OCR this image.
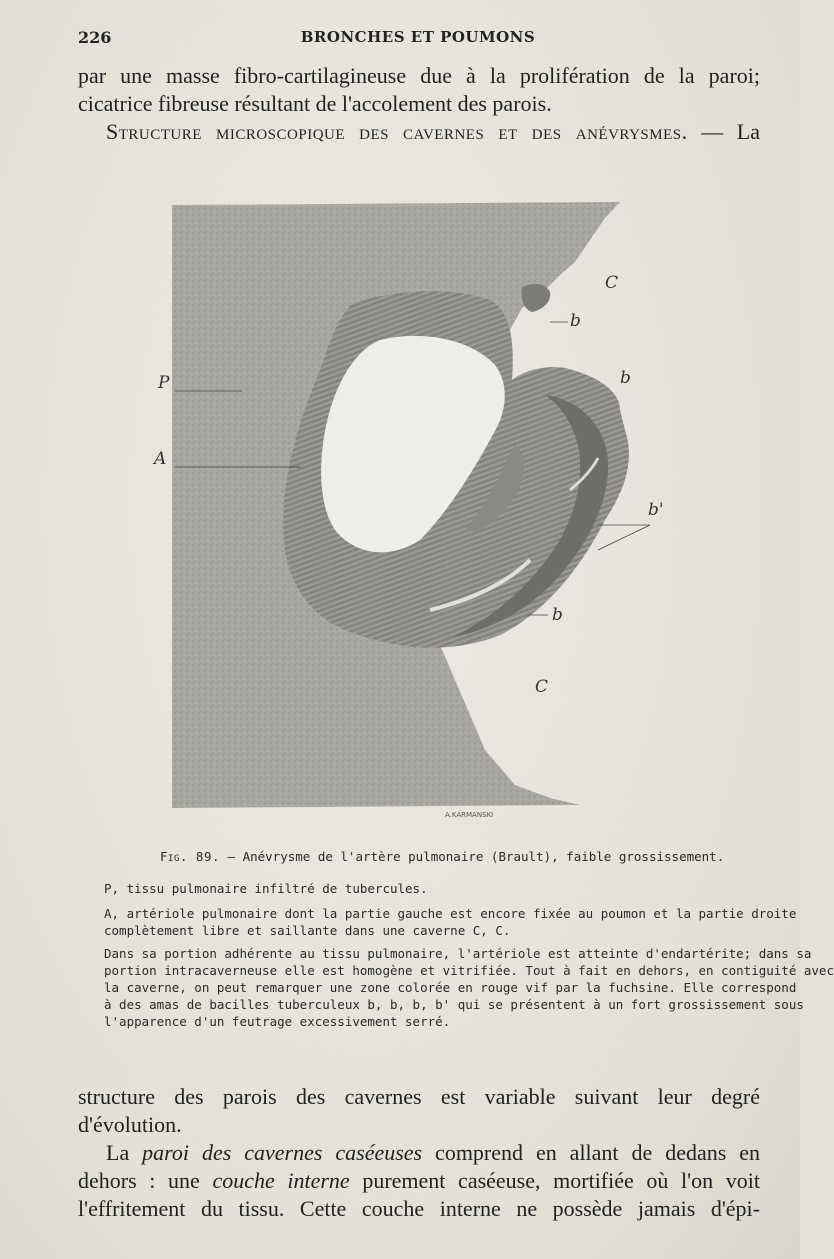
226	BRONCHES ET POUMONS
par une masse fibro-cartilagineuse due à la prolifération de la paroi;
cicatrice fibreuse résultant de l'accolement des parois.
Structure microscopique des cavernes et des anévrysmes. — La
P
A
C
b
b
b'
b
C
A.KARMANSKI
Fig. 89. — Anévrysme de l'artère pulmonaire (Brault), faible grossissement.
P, tissu pulmonaire infiltré de tubercules.
A, artériole pulmonaire dont la partie gauche est encore fixée au poumon et la partie droite
complètement libre et saillante dans une caverne C, C.
Dans sa portion adhérente au tissu pulmonaire, l'artériole est atteinte d'endartérite; dans sa
portion intracaverneuse elle est homogène et vitrifiée. Tout à fait en dehors, en contiguité avec
la caverne, on peut remarquer une zone colorée en rouge vif par la fuchsine. Elle correspond
à des amas de bacilles tuberculeux b, b, b, b' qui se présentent à un fort grossissement sous
l'apparence d'un feutrage excessivement serré.
structure des parois des cavernes est variable suivant leur degré
d'évolution.
La paroi des cavernes caséeuses comprend en allant de dedans en
dehors : une couche interne purement caséeuse, mortifiée où l'on voit
l'effritement du tissu. Cette couche interne ne possède jamais d'épi-
